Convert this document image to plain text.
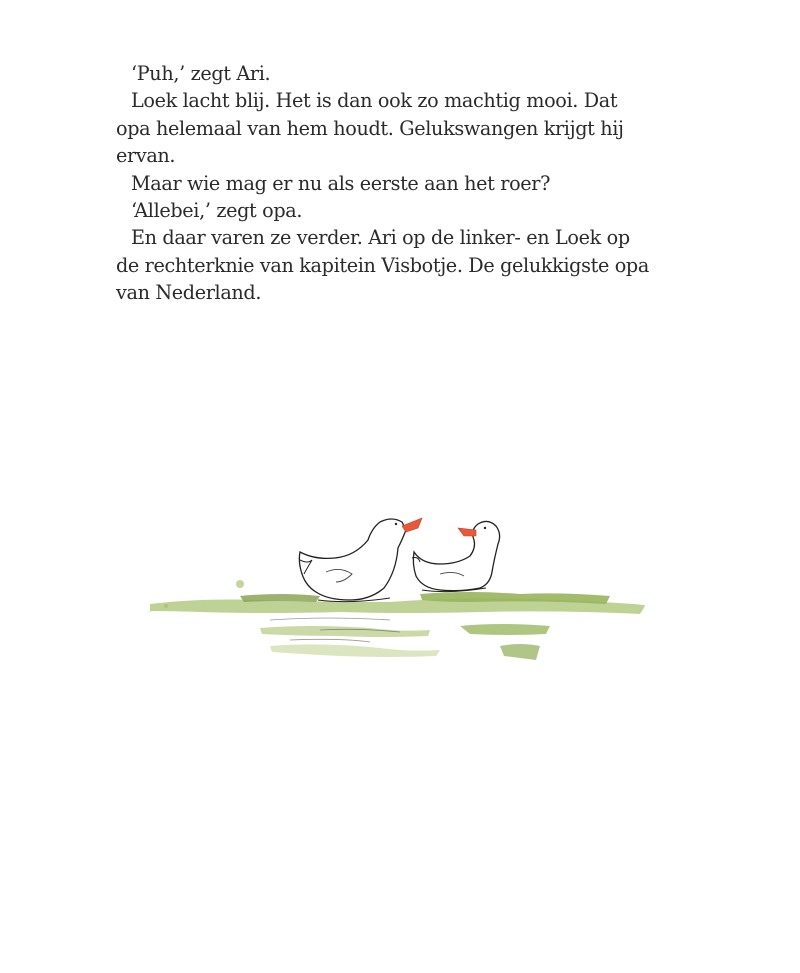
‘Puh,’ zegt Ari.

Loek lacht blij. Het is dan ook zo machtig mooi. Dat opa helemaal van hem houdt. Gelukswangen krijgt hij ervan.

Maar wie mag er nu als eerste aan het roer?

‘Allebei,’ zegt opa.

En daar varen ze verder. Ari op de linker- en Loek op de rechterknie van kapitein Visbotje. De gelukkigste opa van Nederland.
